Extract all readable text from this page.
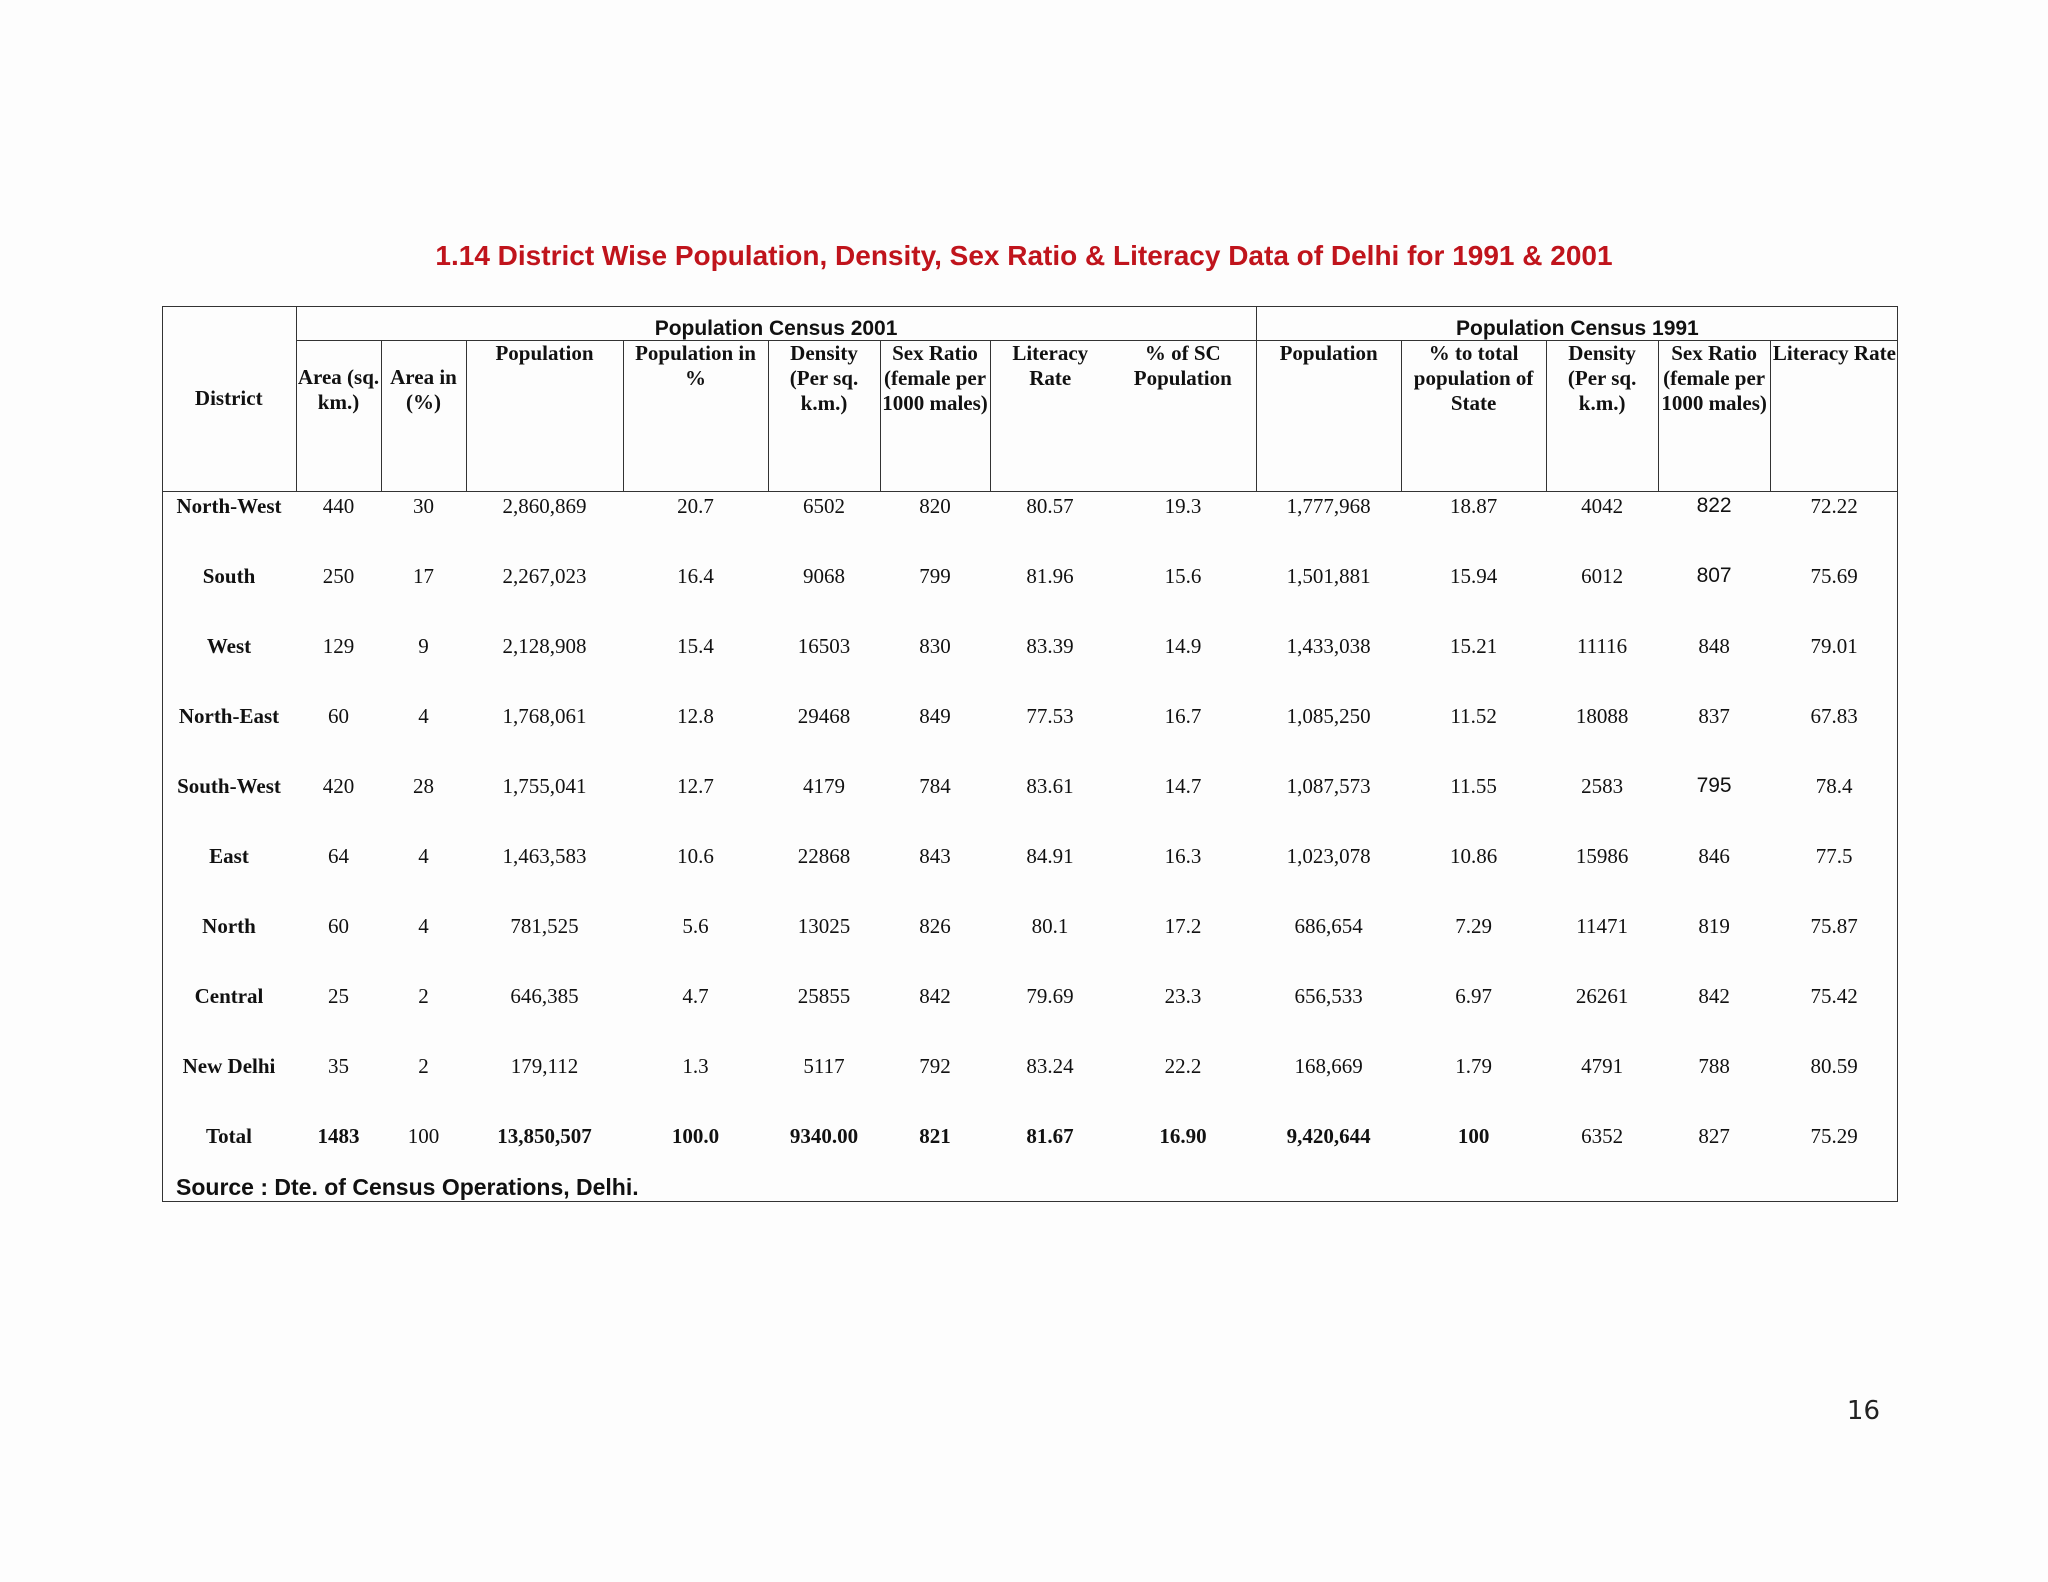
1.14 District Wise Population, Density, Sex Ratio & Literacy Data of Delhi for 1991 & 2001
District	Population Census 2001								Population Census 1991				
	Area (sq. km.)	Area in (%)	Population	Population in %	Density (Per sq. k.m.)	Sex Ratio (female per 1000 males)	Literacy Rate	% of SC Population	Population	% to total population of State	Density (Per sq. k.m.)	Sex Ratio (female per 1000 males)	Literacy Rate
North-West	440	30	2,860,869	20.7	6502	820	80.57	19.3	1,777,968	18.87	4042	822	72.22
South	250	17	2,267,023	16.4	9068	799	81.96	15.6	1,501,881	15.94	6012	807	75.69
West	129	9	2,128,908	15.4	16503	830	83.39	14.9	1,433,038	15.21	11116	848	79.01
North-East	60	4	1,768,061	12.8	29468	849	77.53	16.7	1,085,250	11.52	18088	837	67.83
South-West	420	28	1,755,041	12.7	4179	784	83.61	14.7	1,087,573	11.55	2583	795	78.4
East	64	4	1,463,583	10.6	22868	843	84.91	16.3	1,023,078	10.86	15986	846	77.5
North	60	4	781,525	5.6	13025	826	80.1	17.2	686,654	7.29	11471	819	75.87
Central	25	2	646,385	4.7	25855	842	79.69	23.3	656,533	6.97	26261	842	75.42
New Delhi	35	2	179,112	1.3	5117	792	83.24	22.2	168,669	1.79	4791	788	80.59
Total	1483	100	13,850,507	100.0	9340.00	821	81.67	16.90	9,420,644	100	6352	827	75.29
Source : Dte. of Census Operations, Delhi.
16
